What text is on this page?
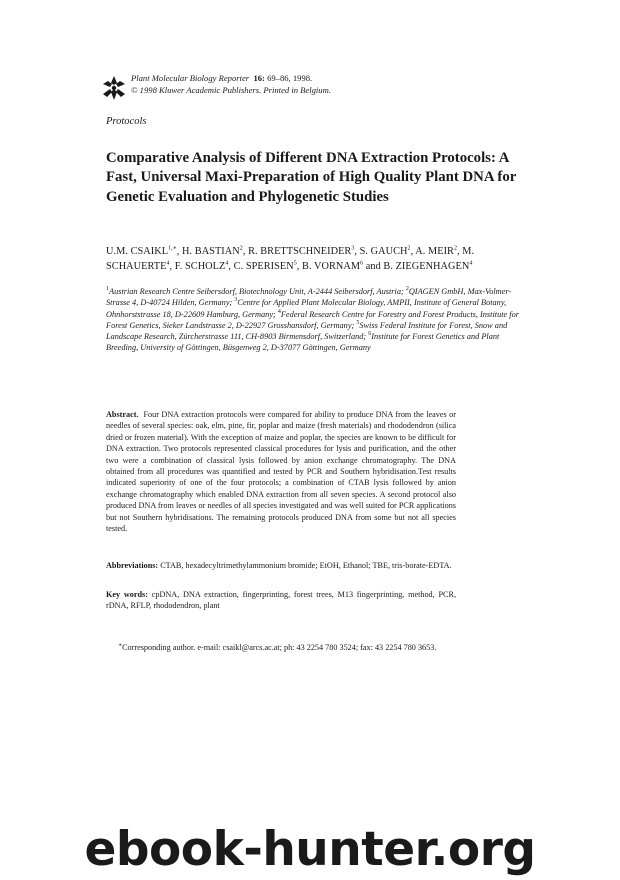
Plant Molecular Biology Reporter 16: 69–86, 1998.
© 1998 Kluwer Academic Publishers. Printed in Belgium.
Protocols
Comparative Analysis of Different DNA Extraction Protocols: A Fast, Universal Maxi-Preparation of High Quality Plant DNA for Genetic Evaluation and Phylogenetic Studies
U.M. $CSAIKL^{1,∗}$, H. BASTIAN$^2$, R. BRETTSCHNEIDER$^3$, S. GAUCH$^2$, A. MEIR$^2$, M. SCHAUERTE$^4$, F. SCHOLZ$^4$, C. SPERISEN$^5$, B. VORNAM$^6$ and B. ZIEGENHAGEN$^4$
$^1$Austrian Research Centre Seibersdorf, Biotechnology Unit, A-2444 Seibersdorf, Austria; $^2$QIAGEN GmbH, Max-Volmer-Strasse 4, D-40724 Hilden, Germany; $^3$Centre for Applied Plant Molecular Biology, AMPII, Institute of General Botany, Ohnhorststrasse 18, D-22609 Hamburg, Germany; $^4$Federal Research Centre for Forestry and Forest Products, Institute for Forest Genetics, Sieker Landstrasse 2, D-22927 Grosshansdorf, Germany; $^5$Swiss Federal Institute for Forest, Snow and Landscape Research, Zürcherstrasse 111, CH-8903 Birmensdorf, Switzerland; $^6$Institute for Forest Genetics and Plant Breeding, University of Göttingen, Büsgenweg 2, D-37077 Göttingen, Germany
Abstract. Four DNA extraction protocols were compared for ability to produce DNA from the leaves or needles of several species: oak, elm, pine, fir, poplar and maize (fresh materials) and rhododendron (silica dried or frozen material). With the exception of maize and poplar, the species are known to be difficult for DNA extraction. Two protocols represented classical procedures for lysis and purification, and the other two were a combination of classical lysis followed by anion exchange chromatography. The DNA obtained from all procedures was quantified and tested by PCR and Southern hybridisation.Test results indicated superiority of one of the four protocols; a combination of CTAB lysis followed by anion exchange chromatography which enabled DNA extraction from all seven species. A second protocol also produced DNA from leaves or needles of all species investigated and was well suited for PCR applications but not Southern hybridisations. The remaining protocols produced DNA from some but not all species tested.
Abbreviations: CTAB, hexadecyltrimethylammonium bromide; EtOH, Ethanol; TBE, tris-borate-EDTA.
Key words: cpDNA, DNA extraction, fingerprinting, forest trees, M13 fingerprinting, method, PCR, rDNA, RFLP, rhododendron, plant
∗Corresponding author. e-mail: csaikl@arcs.ac.at; ph: 43 2254 780 3524; fax: 43 2254 780 3653.
ebook-hunter.org
